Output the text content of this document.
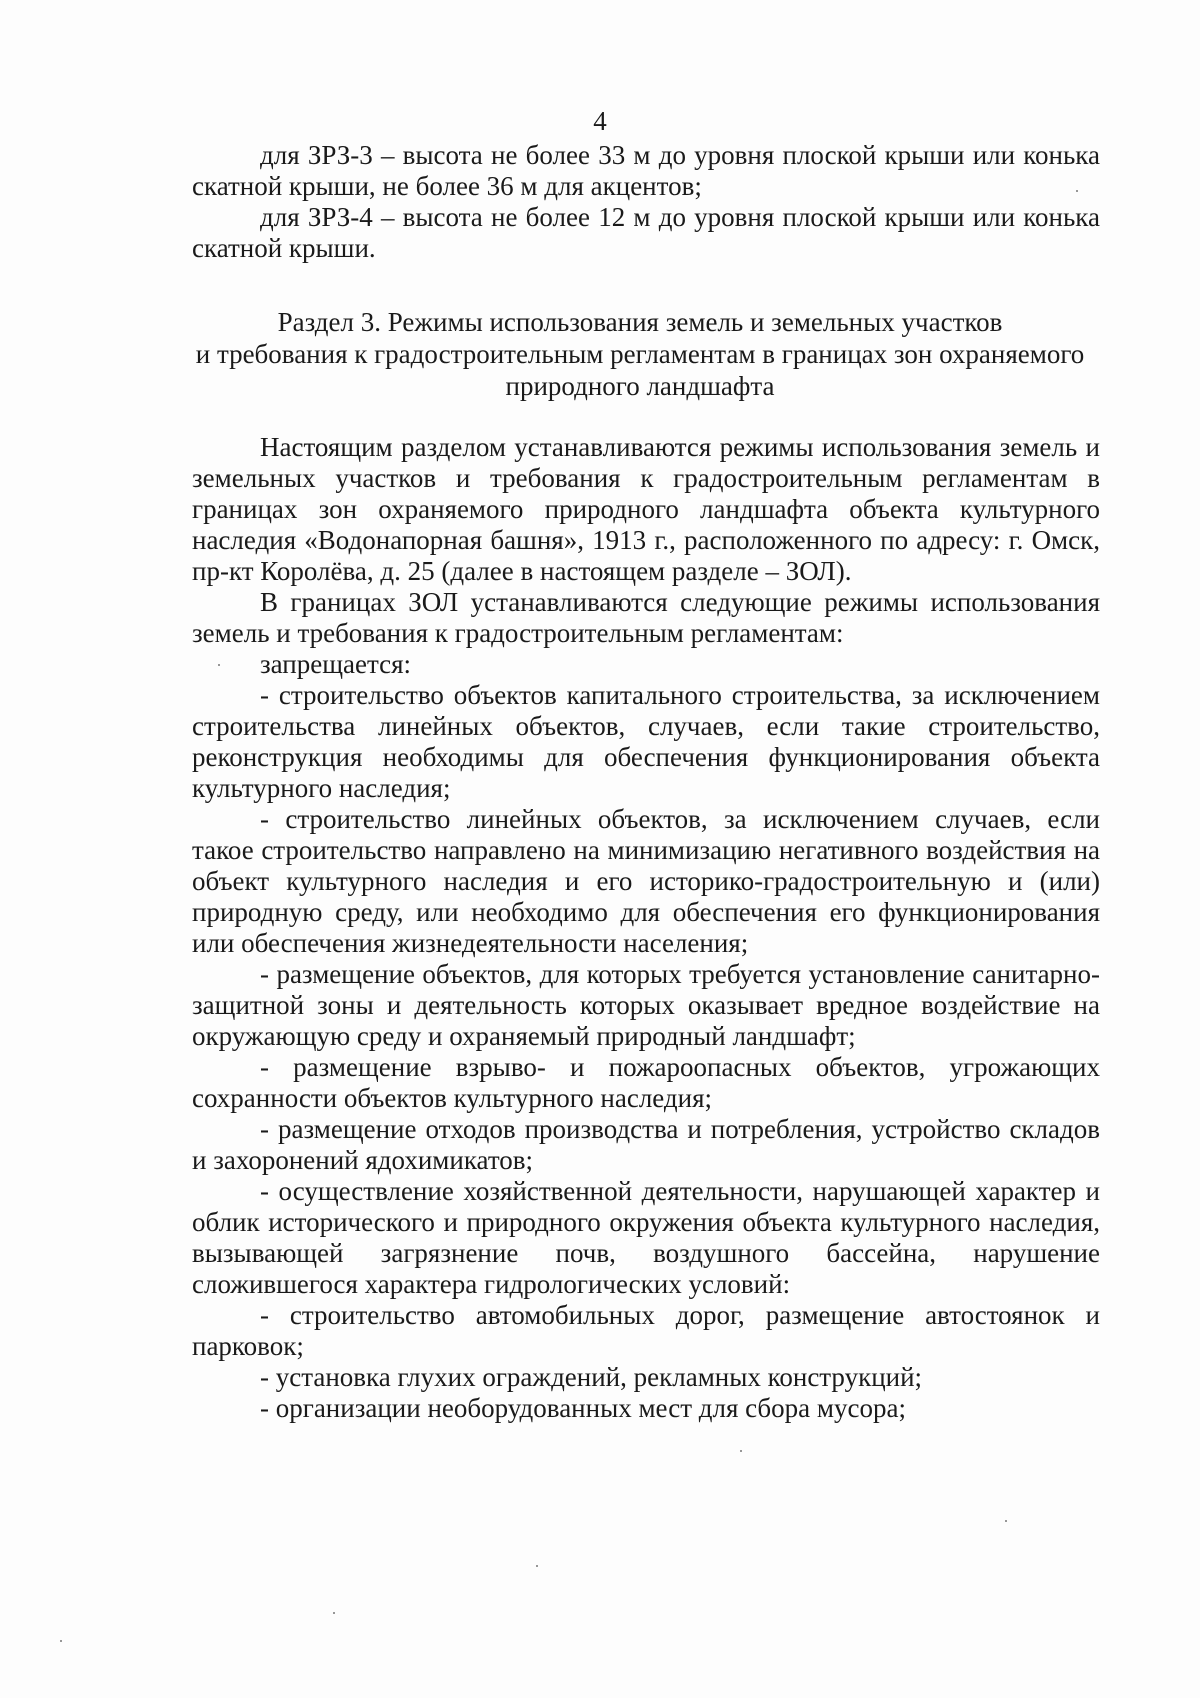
4

для ЗРЗ-3 – высота не более 33 м до уровня плоской крыши или конька скатной крыши, не более 36 м для акцентов;

для ЗРЗ-4 – высота не более 12 м до уровня плоской крыши или конька скатной крыши.

Раздел 3. Режимы использования земель и земельных участков
и требования к градостроительным регламентам в границах зон охраняемого
природного ландшафта

Настоящим разделом устанавливаются режимы использования земель и земельных участков и требования к градостроительным регламентам в границах зон охраняемого природного ландшафта объекта культурного наследия «Водонапорная башня», 1913 г., расположенного по адресу: г. Омск, пр-кт Королёва, д. 25 (далее в настоящем разделе – ЗОЛ).

В границах ЗОЛ устанавливаются следующие режимы использования земель и требования к градостроительным регламентам:

запрещается:

- строительство объектов капитального строительства, за исключением строительства линейных объектов, случаев, если такие строительство, реконструкция необходимы для обеспечения функционирования объекта культурного наследия;

- строительство линейных объектов, за исключением случаев, если такое строительство направлено на минимизацию негативного воздействия на объект культурного наследия и его историко-градостроительную и (или) природную среду, или необходимо для обеспечения его функционирования или обеспечения жизнедеятельности населения;

- размещение объектов, для которых требуется установление санитарно-защитной зоны и деятельность которых оказывает вредное воздействие на окружающую среду и охраняемый природный ландшафт;

- размещение взрыво- и пожароопасных объектов, угрожающих сохранности объектов культурного наследия;

- размещение отходов производства и потребления, устройство складов и захоронений ядохимикатов;

- осуществление хозяйственной деятельности, нарушающей характер и облик исторического и природного окружения объекта культурного наследия, вызывающей загрязнение почв, воздушного бассейна, нарушение сложившегося характера гидрологических условий:

- строительство автомобильных дорог, размещение автостоянок и парковок;

- установка глухих ограждений, рекламных конструкций;

- организации необорудованных мест для сбора мусора;
